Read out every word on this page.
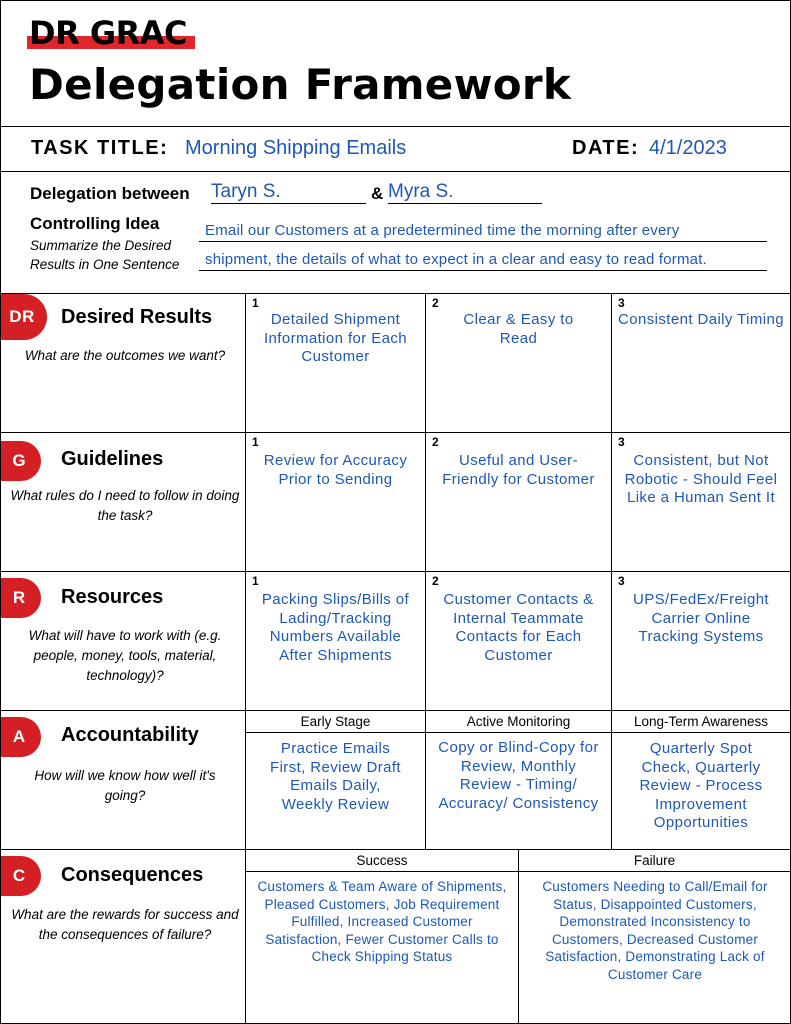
DR GRAC
Delegation Framework
TASK TITLE: Morning Shipping Emails	DATE: 4/1/2023
Delegation between Taryn S.	& Myra S.
Controlling Idea
Summarize the Desired
Results in One Sentence
Email our Customers at a predetermined time the morning after every
shipment, the details of what to expect in a clear and easy to read format.
DR	Desired Results
What are the outcomes we want?
1
Detailed Shipment Information for Each Customer
2
Clear & Easy to Read
3
Consistent Daily Timing
G	Guidelines
What rules do I need to follow in doing the task?
1
Review for Accuracy Prior to Sending
2
Useful and User-Friendly for Customer
3
Consistent, but Not Robotic - Should Feel Like a Human Sent It
R	Resources
What will have to work with (e.g. people, money, tools, material, technology)?
1
Packing Slips/Bills of Lading/Tracking Numbers Available After Shipments
2
Customer Contacts & Internal Teammate Contacts for Each Customer
3
UPS/FedEx/Freight Carrier Online Tracking Systems
A	Accountability
How will we know how well it's going?
Early Stage	Active Monitoring	Long-Term Awareness
Practice Emails First, Review Draft Emails Daily, Weekly Review
Copy or Blind-Copy for Review, Monthly Review - Timing/ Accuracy/ Consistency
Quarterly Spot Check, Quarterly Review - Process Improvement Opportunities
C	Consequences
What are the rewards for success and the consequences of failure?
Success	Failure
Customers & Team Aware of Shipments, Pleased Customers, Job Requirement Fulfilled, Increased Customer Satisfaction, Fewer Customer Calls to Check Shipping Status
Customers Needing to Call/Email for Status, Disappointed Customers, Demonstrated Inconsistency to Customers, Decreased Customer Satisfaction, Demonstrating Lack of Customer Care
